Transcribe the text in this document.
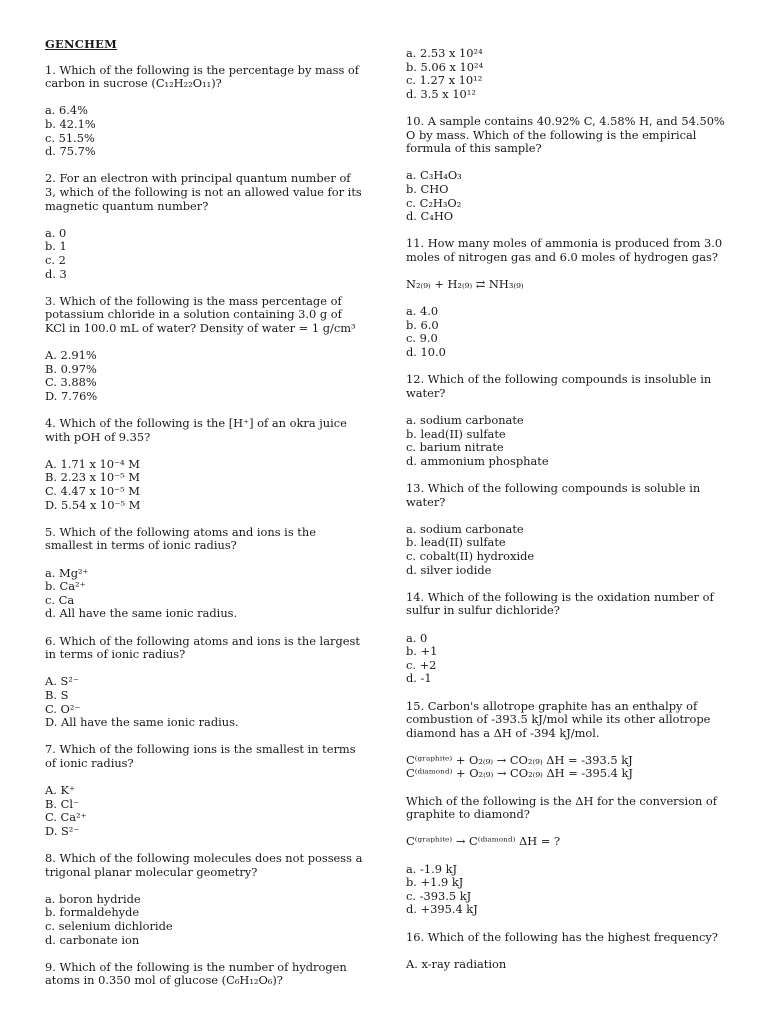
GENCHEM
1. Which of the following is the percentage by mass of carbon in sucrose (C₁₂H₂₂O₁₁)?
a. 6.4%
b. 42.1%
c. 51.5%
d. 75.7%
2. For an electron with principal quantum number of 3, which of the following is not an allowed value for its magnetic quantum number?
a. 0
b. 1
c. 2
d. 3
3. Which of the following is the mass percentage of potassium chloride in a solution containing 3.0 g of KCl in 100.0 mL of water? Density of water = 1 g/cm³
A. 2.91%
B. 0.97%
C. 3.88%
D. 7.76%
4. Which of the following is the [H⁺] of an okra juice with pOH of 9.35?
A. 1.71 x 10⁻⁴ M
B. 2.23 x 10⁻⁵ M
C. 4.47 x 10⁻⁵ M
D. 5.54 x 10⁻⁵ M
5. Which of the following atoms and ions is the smallest in terms of ionic radius?
a. Mg²⁺
b. Ca²⁺
c. Ca
d. All have the same ionic radius.
6. Which of the following atoms and ions is the largest in terms of ionic radius?
A. S²⁻
B. S
C. O²⁻
D. All have the same ionic radius.
7. Which of the following ions is the smallest in terms of ionic radius?
A. K⁺
B. Cl⁻
C. Ca²⁺
D. S²⁻
8. Which of the following molecules does not possess a trigonal planar molecular geometry?
a. boron hydride
b. formaldehyde
c. selenium dichloride
d. carbonate ion
9. Which of the following is the number of hydrogen atoms in 0.350 mol of glucose (C₆H₁₂O₆)?
a. 2.53 x 10²⁴
b. 5.06 x 10²⁴
c. 1.27 x 10¹²
d. 3.5 x 10¹²
10. A sample contains 40.92% C, 4.58% H, and 54.50% O by mass. Which of the following is the empirical formula of this sample?
a. C₃H₄O₃
b. CHO
c. C₂H₃O₂
d. C₄HO
11. How many moles of ammonia is produced from 3.0 moles of nitrogen gas and 6.0 moles of hydrogen gas?
N₂₍₉₎ + H₂₍₉₎ ⇄ NH₃₍₉₎
a. 4.0
b. 6.0
c. 9.0
d. 10.0
12. Which of the following compounds is insoluble in water?
a. sodium carbonate
b. lead(II) sulfate
c. barium nitrate
d. ammonium phosphate
13. Which of the following compounds is soluble in water?
a. sodium carbonate
b. lead(II) sulfate
c. cobalt(II) hydroxide
d. silver iodide
14. Which of the following is the oxidation number of sulfur in sulfur dichloride?
a. 0
b. +1
c. +2
d. -1
15. Carbon's allotrope graphite has an enthalpy of combustion of -393.5 kJ/mol while its other allotrope diamond has a ΔH of -394 kJ/mol.
C⁽ᵍʳᵃᵖʰⁱᵗᵉ⁾ + O₂₍₉₎ → CO₂₍₉₎ ΔH = -393.5 kJ
C⁽ᵈⁱᵃᵐᵒⁿᵈ⁾ + O₂₍₉₎ → CO₂₍₉₎ ΔH = -395.4 kJ
Which of the following is the ΔH for the conversion of graphite to diamond?
C⁽ᵍʳᵃᵖʰⁱᵗᵉ⁾ → C⁽ᵈⁱᵃᵐᵒⁿᵈ⁾ ΔH = ?
a. -1.9 kJ
b. +1.9 kJ
c. -393.5 kJ
d. +395.4 kJ
16. Which of the following has the highest frequency?
A. x-ray radiation
